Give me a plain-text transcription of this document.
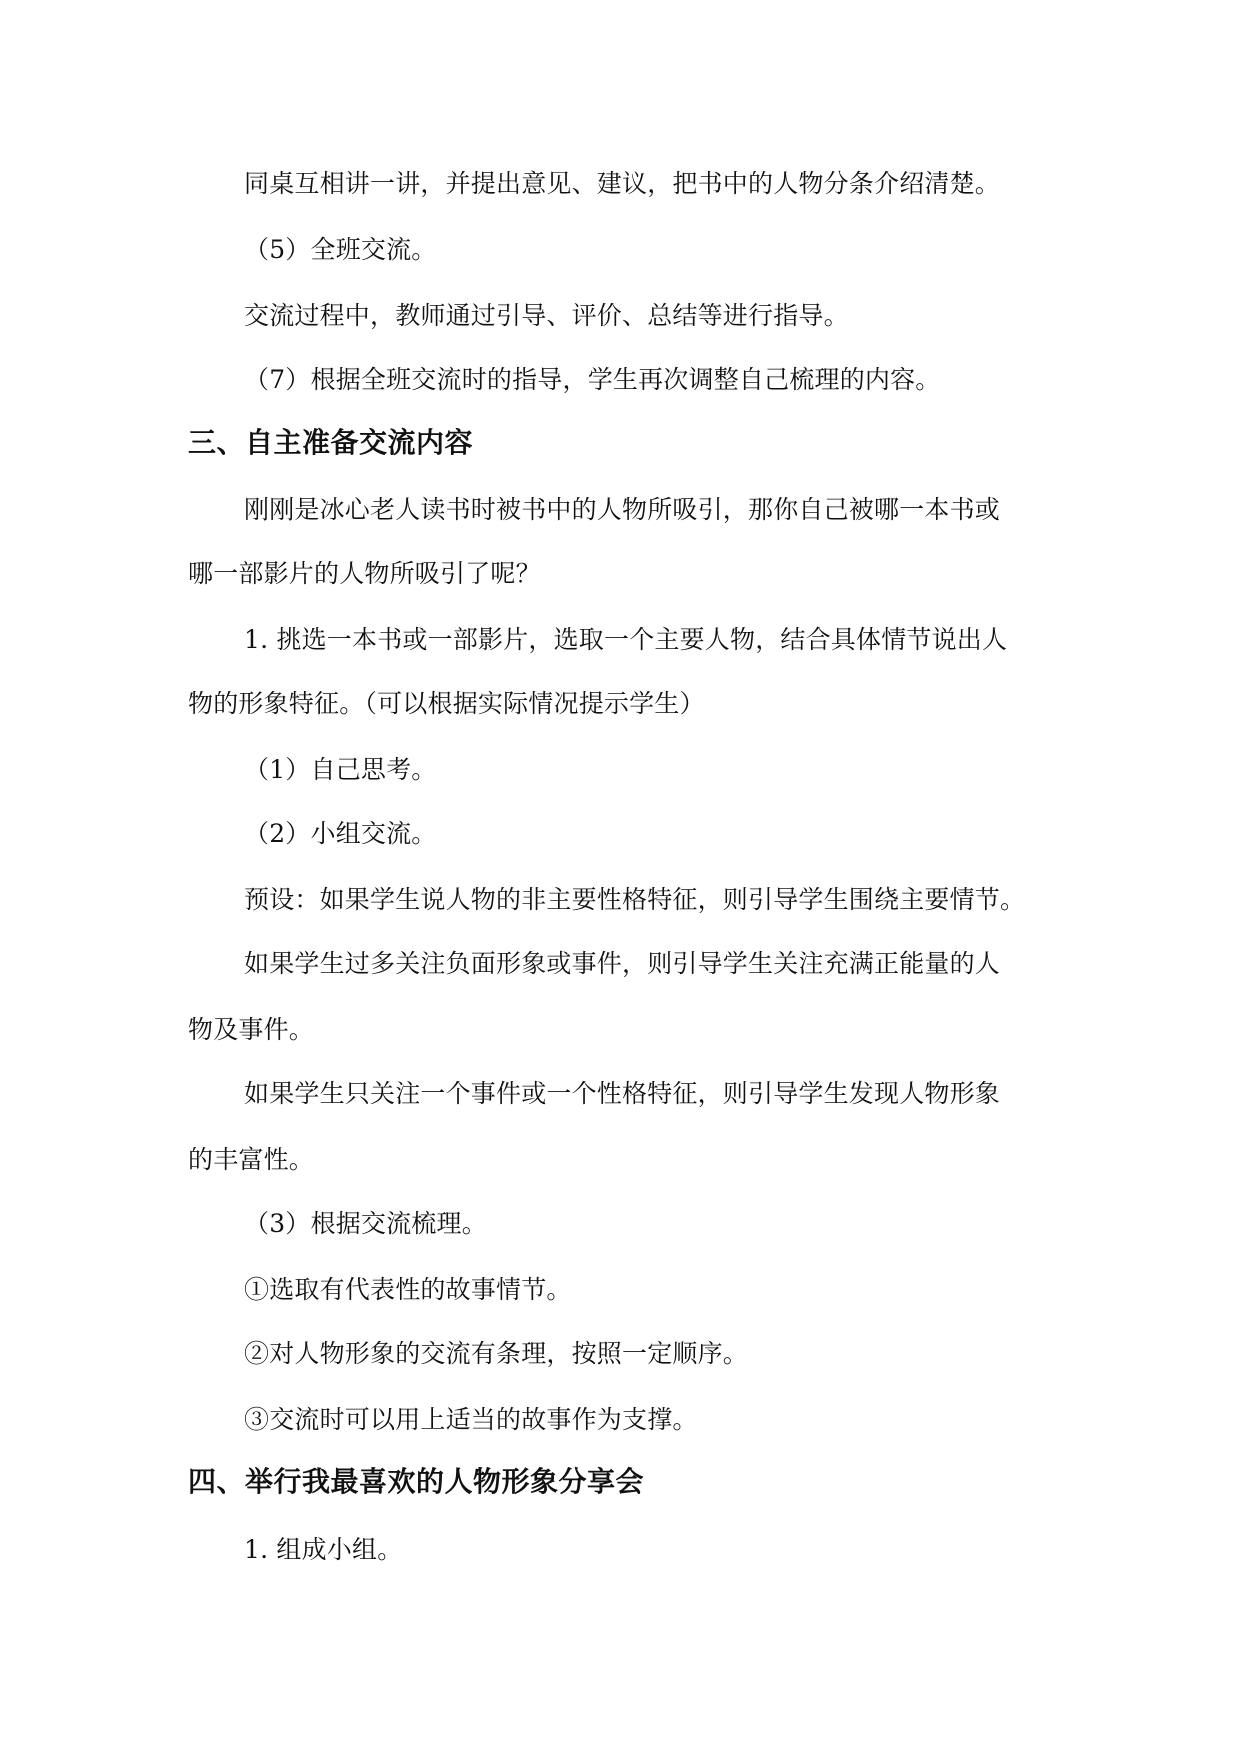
同桌互相讲一讲，并提出意见、建议，把书中的人物分条介绍清楚。

（5）全班交流。

交流过程中，教师通过引导、评价、总结等进行指导。

（7）根据全班交流时的指导，学生再次调整自己梳理的内容。

三、自主准备交流内容

刚刚是冰心老人读书时被书中的人物所吸引，那你自己被哪一本书或

哪一部影片的人物所吸引了呢？

1. 挑选一本书或一部影片，选取一个主要人物，结合具体情节说出人

物的形象特征。（可以根据实际情况提示学生）

（1）自己思考。

（2）小组交流。

预设：如果学生说人物的非主要性格特征，则引导学生围绕主要情节。

如果学生过多关注负面形象或事件，则引导学生关注充满正能量的人

物及事件。

如果学生只关注一个事件或一个性格特征，则引导学生发现人物形象

的丰富性。

（3）根据交流梳理。

①选取有代表性的故事情节。

②对人物形象的交流有条理，按照一定顺序。

③交流时可以用上适当的故事作为支撑。

四、举行我最喜欢的人物形象分享会

1. 组成小组。
